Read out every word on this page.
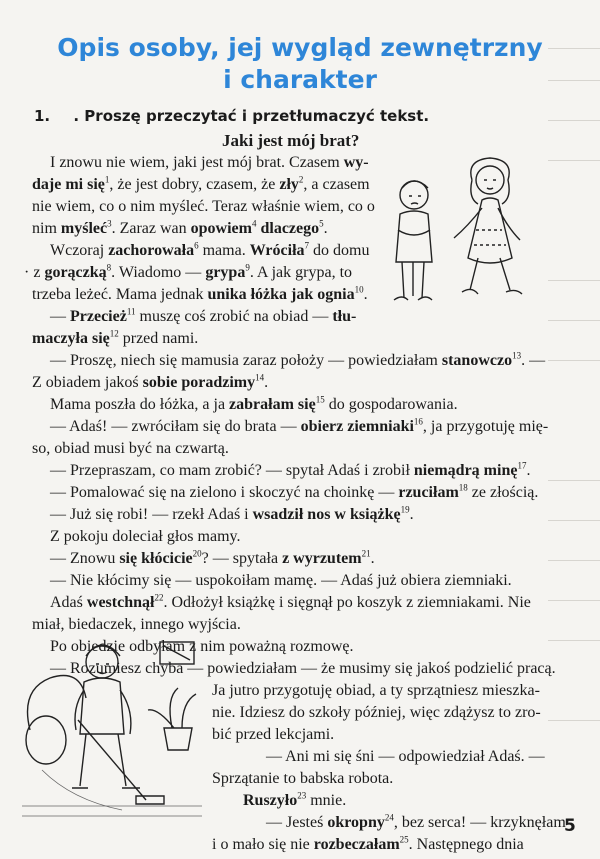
Opis osoby, jej wygląd zewnętrzny
i charakter
1. . Proszę przeczytać i przetłumaczyć tekst.
Jaki jest mój brat?
I znowu nie wiem, jaki jest mój brat. Czasem wy-
daje mi się$^1$, że jest dobry, czasem, że zły$^2$, a czasem
nie wiem, co o nim myśleć. Teraz właśnie wiem, co o
nim myśleć$^3$. Zaraz wan opowiem$^4$ dlaczego$^5$.
Wczoraj zachorowała$^6$ mama. Wróciła$^7$ do domu
· z gorączką$^8$. Wiadomo — grypa$^9$. A jak grypa, to
trzeba leżeć. Mama jednak unika łóżka jak ognia$^{10}$.
— Przecież$^{11}$ muszę coś zrobić na obiad — tłu-
maczyła się$^{12}$ przed nami.
— Proszę, niech się mamusia zaraz położy — powiedziałam stanowczo$^{13}$. —
Z obiadem jakoś sobie poradzimy$^{14}$.
Mama poszła do łóżka, a ja zabrałam się$^{15}$ do gospodarowania.
— Adaś! — zwróciłam się do brata — obierz ziemniaki$^{16}$, ja przygotuję mię-
so, obiad musi być na czwartą.
— Przepraszam, co mam zrobić? — spytał Adaś i zrobił niemądrą minę$^{17}$.
— Pomalować się na zielono i skoczyć na choinkę — rzuciłam$^{18}$ ze złością.
— Już się robi! — rzekł Adaś i wsadził nos w książkę$^{19}$.
Z pokoju doleciał głos mamy.
— Znowu się kłócicie$^{20}$? — spytała z wyrzutem$^{21}$.
— Nie kłócimy się — uspokoiłam mamę. — Adaś już obiera ziemniaki.
Adaś westchnął$^{22}$. Odłożył książkę i sięgnął po koszyk z ziemniakami. Nie
miał, biedaczek, innego wyjścia.
Po obiedzie odbyłam z nim poważną rozmowę.
— Rozumiesz chyba — powiedziałam — że musimy się jakoś podzielić pracą.
Ja jutro przygotuję obiad, a ty sprzątniesz mieszka-
nie. Idziesz do szkoły później, więc zdążysz to zro-
bić przed lekcjami.
— Ani mi się śni — odpowiedział Adaś. —
Sprzątanie to babska robota.
Ruszyło$^{23}$ mnie.
— Jesteś okropny$^{24}$, bez serca! — krzyknęłam
i o mało się nie rozbeczałam$^{25}$. Następnego dnia
5
